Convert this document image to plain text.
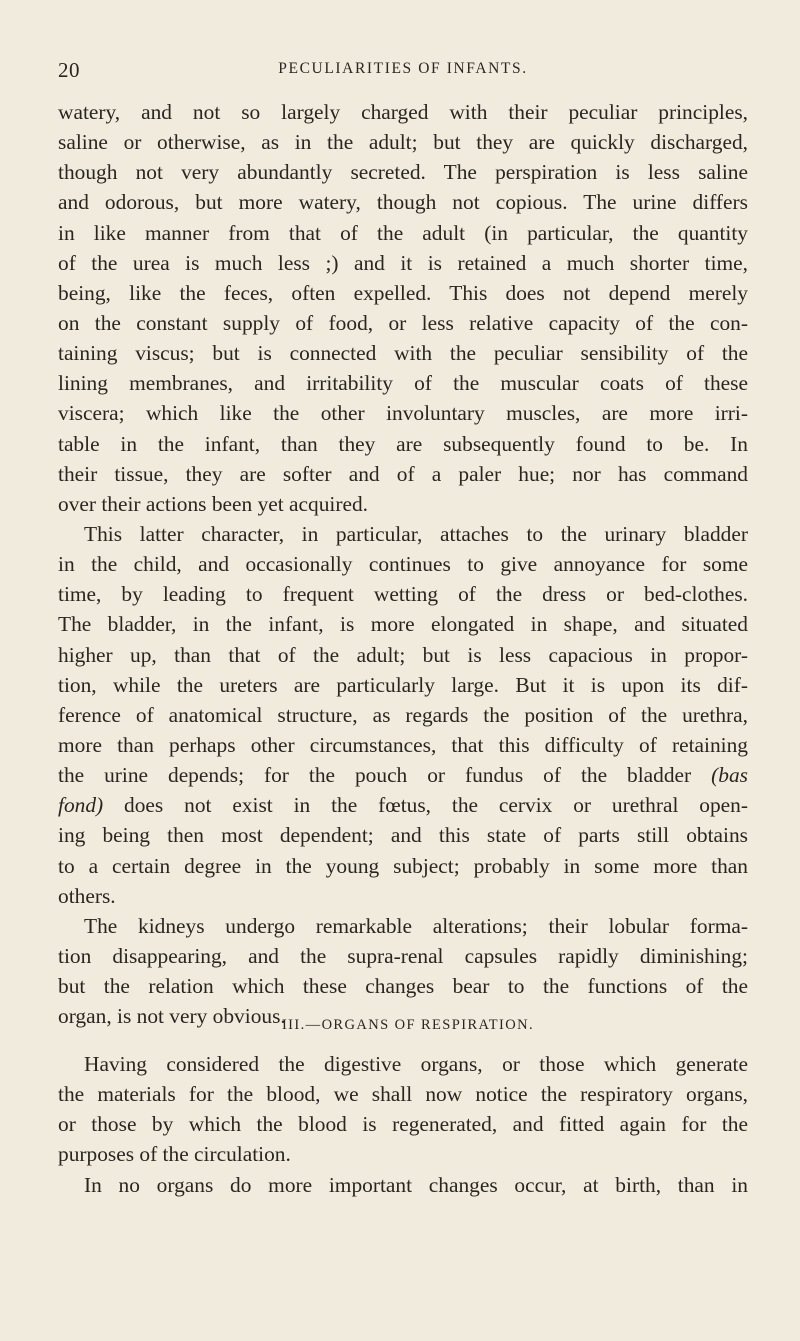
20	PECULIARITIES OF INFANTS.
watery, and not so largely charged with their peculiar principles,
saline or otherwise, as in the adult; but they are quickly discharged,
though not very abundantly secreted. The perspiration is less saline
and odorous, but more watery, though not copious. The urine differs
in like manner from that of the adult (in particular, the quantity
of the urea is much less ;) and it is retained a much shorter time,
being, like the feces, often expelled. This does not depend merely
on the constant supply of food, or less relative capacity of the con-
taining viscus; but is connected with the peculiar sensibility of the
lining membranes, and irritability of the muscular coats of these
viscera; which like the other involuntary muscles, are more irri-
table in the infant, than they are subsequently found to be. In
their tissue, they are softer and of a paler hue; nor has command
over their actions been yet acquired.
This latter character, in particular, attaches to the urinary bladder
in the child, and occasionally continues to give annoyance for some
time, by leading to frequent wetting of the dress or bed-clothes.
The bladder, in the infant, is more elongated in shape, and situated
higher up, than that of the adult; but is less capacious in propor-
tion, while the ureters are particularly large. But it is upon its dif-
ference of anatomical structure, as regards the position of the urethra,
more than perhaps other circumstances, that this difficulty of retaining
the urine depends; for the pouch or fundus of the bladder (bas
fond) does not exist in the fœtus, the cervix or urethral open-
ing being then most dependent; and this state of parts still obtains
to a certain degree in the young subject; probably in some more than
others.
The kidneys undergo remarkable alterations; their lobular forma-
tion disappearing, and the supra-renal capsules rapidly diminishing;
but the relation which these changes bear to the functions of the
organ, is not very obvious.
III.—ORGANS OF RESPIRATION.
Having considered the digestive organs, or those which generate
the materials for the blood, we shall now notice the respiratory organs,
or those by which the blood is regenerated, and fitted again for the
purposes of the circulation.
In no organs do more important changes occur, at birth, than in
